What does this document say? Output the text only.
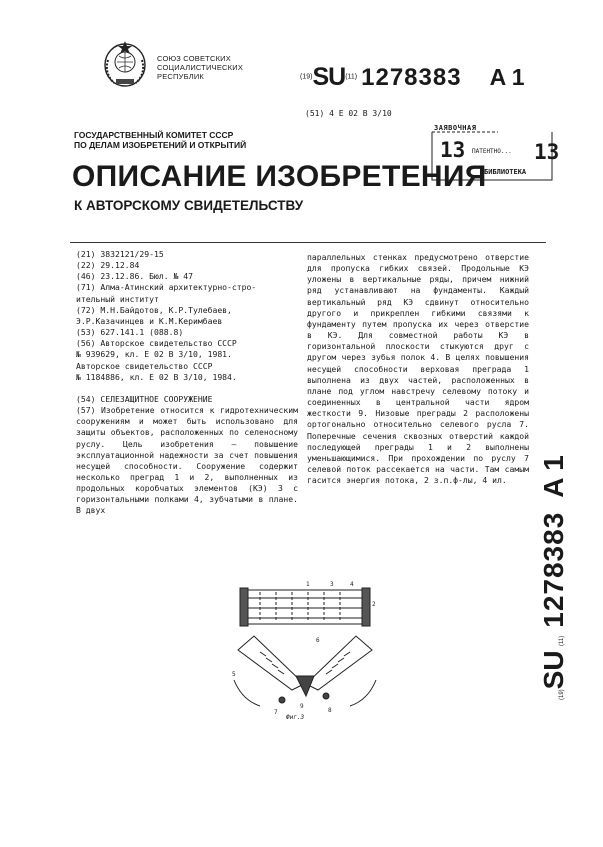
СОЮЗ СОВЕТСКИХ
СОЦИАЛИСТИЧЕСКИХ
РЕСПУБЛИК	$^{(19)}$SU$^{(11)}$ 1278383 A 1
(51) 4 E 02 B 3/10
ЗАЯВОЧНАЯ
13 ПАТЕНТНО... 13
БИБЛИОТЕКА
ГОСУДАРСТВЕННЫЙ КОМИТЕТ СССР
ПО ДЕЛАМ ИЗОБРЕТЕНИЙ И ОТКРЫТИЙ
ОПИСАНИЕ ИЗОБРЕТЕНИЯ
К АВТОРСКОМУ СВИДЕТЕЛЬСТВУ
(21) 3832121/29-15
(22) 29.12.84
(46) 23.12.86. Бюл. № 47
(71) Алма-Атинский архитектурно-стро-
ительный институт
(72) М.Н.Байдотов, К.Р.Тулебаев,
Э.Р.Казачинцев и К.М.Керимбаев
(53) 627.141.1 (088.8)
(56) Авторское свидетельство СССР
№ 939629, кл. Е 02 В 3/10, 1981.
Авторское свидетельство СССР
№ 1184886, кл. Е 02 В 3/10, 1984.
(54) СЕЛЕЗАЩИТНОЕ СООРУЖЕНИЕ
(57) Изобретение относится к гидротехническим сооружениям и может быть использовано для защиты объектов, расположенных по селеносному руслу. Цель изобретения – повышение эксплуатационной надежности за счет повышения несущей способности. Сооружение содержит несколько преград 1 и 2, выполненных из продольных коробчатых элементов (КЭ) 3 с горизонтальными полками 4, зубчатыми в плане. В двух
параллельных стенках предусмотрено отверстие для пропуска гибких связей. Продольные КЭ уложены в вертикальные ряды, причем нижний ряд устанавливают на фундаменты. Каждый вертикальный ряд КЭ сдвинут относительно другого и прикреплен гибкими связями к фундаменту путем пропуска их через отверстие в КЭ. Для совместной работы КЭ в горизонтальной плоскости стыкуются друг с другом через зубья полок 4. В целях повышения несущей способности верховая преграда 1 выполнена из двух частей, расположенных в плане под углом навстречу селевому потоку и соединенных в центральной части ядром жесткости 9. Низовые преграды 2 расположены ортогонально относительно селевого русла 7. Поперечные сечения сквозных отверстий каждой последующей преграды 1 и 2 выполнены уменьшающимися. При прохождении по руслу 7 селевой поток рассекается на части. Там самым гасится энергия потока, 2 з.п.ф-лы, 4 ил.
(19)SU (11)1278383A 1
2
1	3	4
5
6
7	8
9
Фиг.3
